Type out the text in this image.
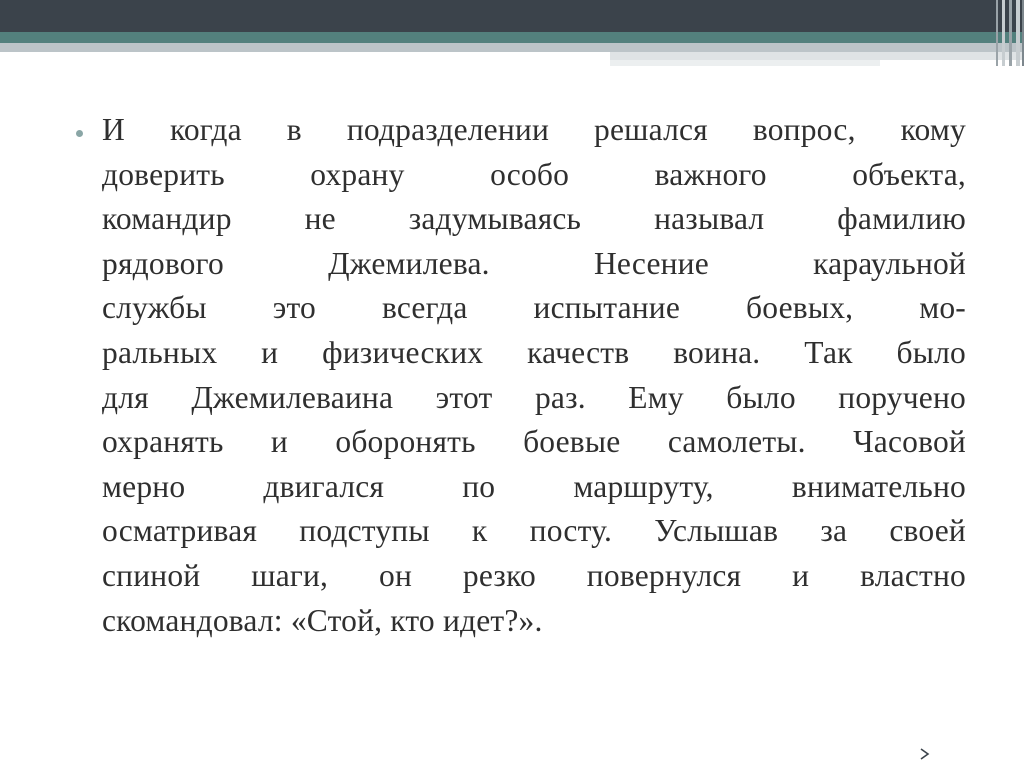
И когда в подразделении решался вопрос, кому
доверить охрану особо важного объекта,
командир не задумываясь называл фамилию
рядового Джемилева. Несение караульной
службы это всегда испытание боевых, мо-
ральных и физических качеств воина. Так было
для Джемилеваина этот раз. Ему было поручено
охранять и оборонять боевые самолеты. Часовой
мерно двигался по маршруту, внимательно
осматривая подступы к посту. Услышав за своей
спиной шаги, он резко повернулся и властно
скомандовал: «Стой, кто идет?».
